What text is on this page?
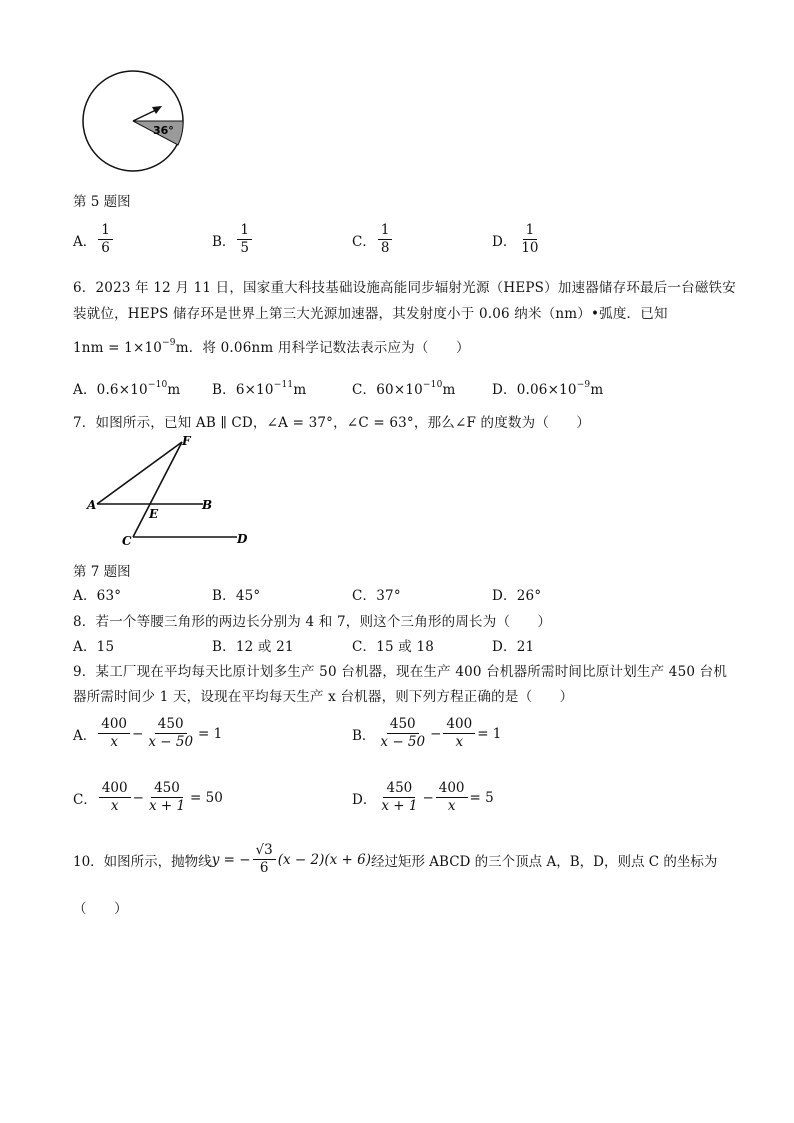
36°
第 5 题图
A． $\frac{1}{6}$	B． $\frac{1}{5}$	C． $\frac{1}{8}$	D． $\frac{1}{10}$
6．2023 年 12 月 11 日，国家重大科技基础设施高能同步辐射光源（HEPS）加速器储存环最后一台磁铁安
装就位，HEPS 储存环是世界上第三大光源加速器，其发射度小于 0.06 纳米（nm）•弧度．已知
$1nm = 1\times 10^{-9}m$．将 0.06nm 用科学记数法表示应为（　　）
A．$0.6\times 10^{-10}m$ B．$6\times 10^{-11}m$	C．$60\times 10^{-10}m$	D．$0.06\times 10^{-9}m$
7．如图所示，已知 AB ∥ CD，∠A = 37°，∠C = 63°，那么∠F 的度数为（　　）
A	B
C	D
E
F
第 7 题图
A．63°	B．45°	C．37°	D．26°
8．若一个等腰三角形的两边长分别为 4 和 7，则这个三角形的周长为（　　）
A．15	B．12 或 21	C．15 或 18	D．21
9．某工厂现在平均每天比原计划多生产 50 台机器，现在生产 400 台机器所需时间比原计划生产 450 台机
器所需时间少 1 天，设现在平均每天生产 x 台机器，则下列方程正确的是（　　）
A． $\frac{400}{x} - \frac{450}{x - 50} = 1$	B． $\frac{450}{x - 50} - \frac{400}{x} = 1$
C． $\frac{400}{x} - \frac{450}{x + 1} = 50$	D． $\frac{450}{x + 1} - \frac{400}{x} = 5$
10．如图所示，抛物线 y = − $\frac{√3}{6} (x - 2)(x + 6)$ 经过矩形 ABCD 的三个顶点 A，B，D，则点 C 的坐标为
（　　）
